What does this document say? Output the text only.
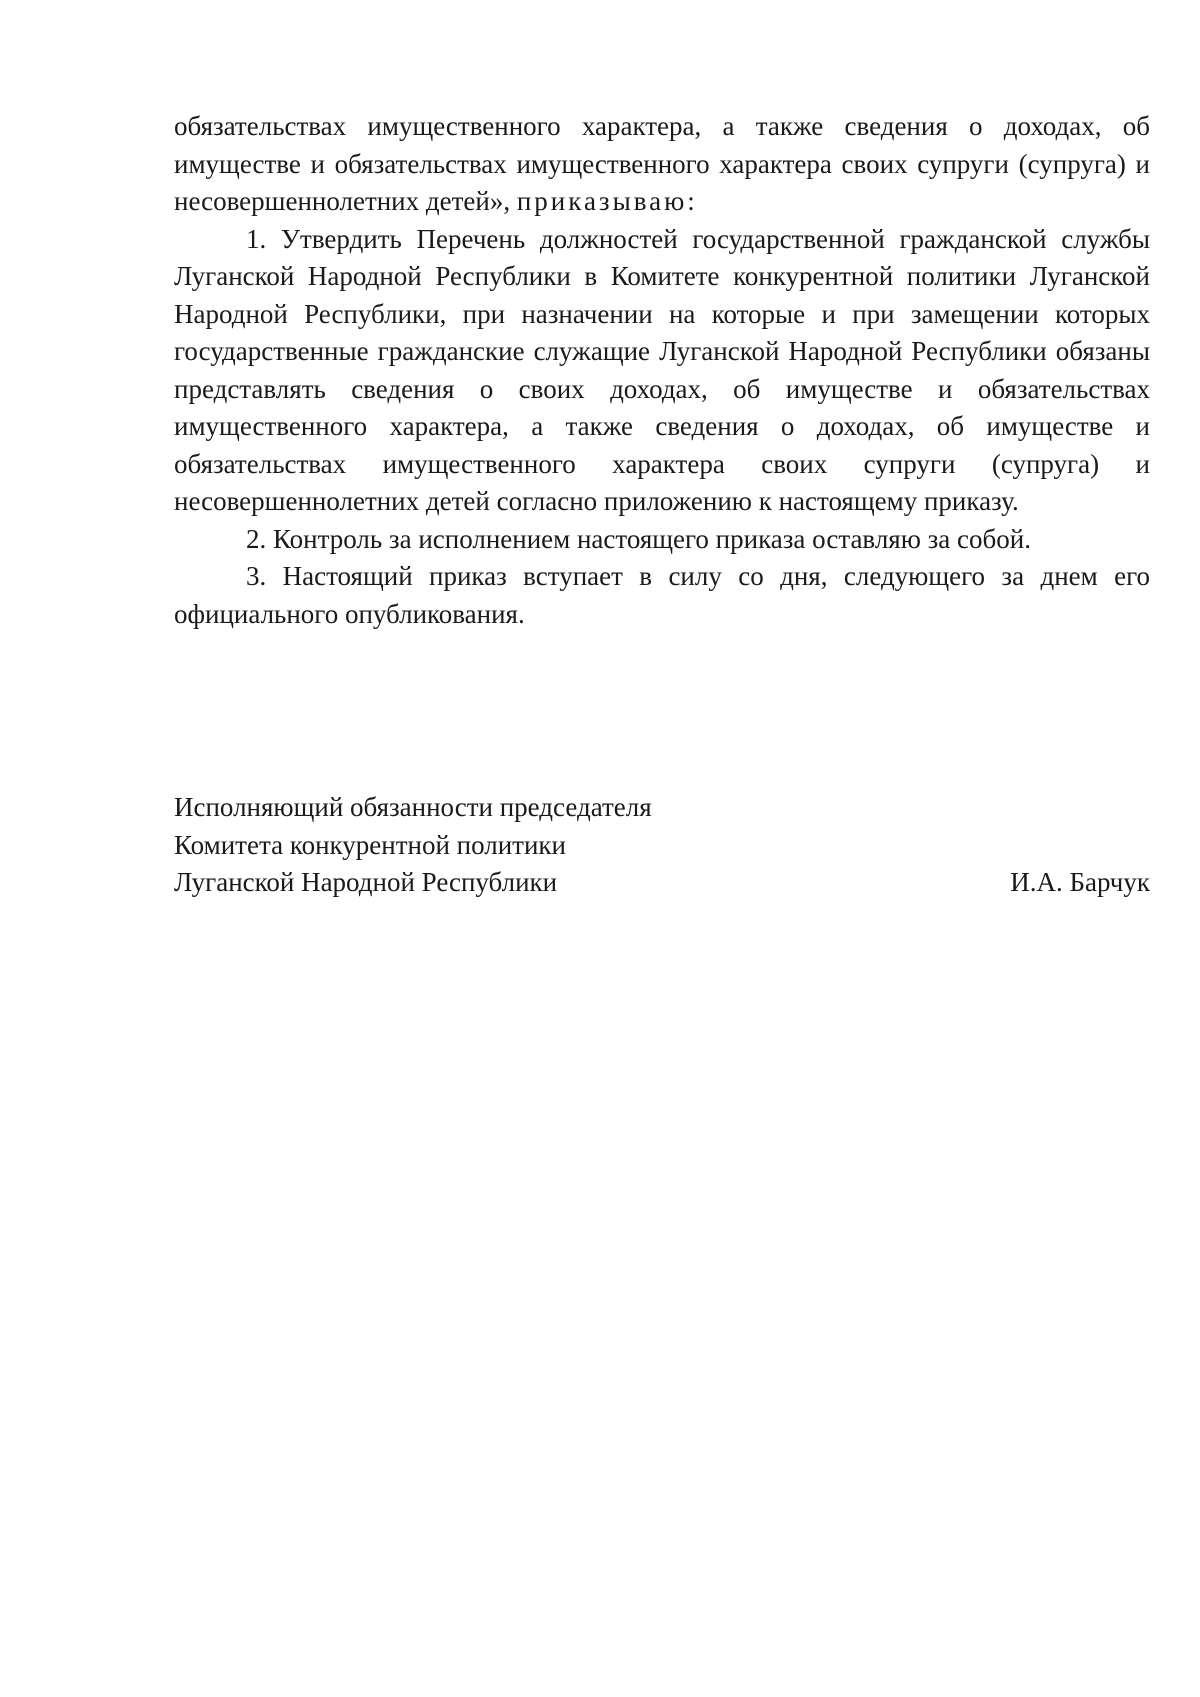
обязательствах имущественного характера, а также сведения о доходах, об имуществе и обязательствах имущественного характера своих супруги (супруга) и несовершеннолетних детей», приказываю:

1. Утвердить Перечень должностей государственной гражданской службы Луганской Народной Республики в Комитете конкурентной политики Луганской Народной Республики, при назначении на которые и при замещении которых государственные гражданские служащие Луганской Народной Республики обязаны представлять сведения о своих доходах, об имуществе и обязательствах имущественного характера, а также сведения о доходах, об имуществе и обязательствах имущественного характера своих супруги (супруга) и несовершеннолетних детей согласно приложению к настоящему приказу.

2. Контроль за исполнением настоящего приказа оставляю за собой.

3. Настоящий приказ вступает в силу со дня, следующего за днем его официального опубликования.

Исполняющий обязанности председателя
Комитета конкурентной политики
Луганской Народной Республики	И.А. Барчук
